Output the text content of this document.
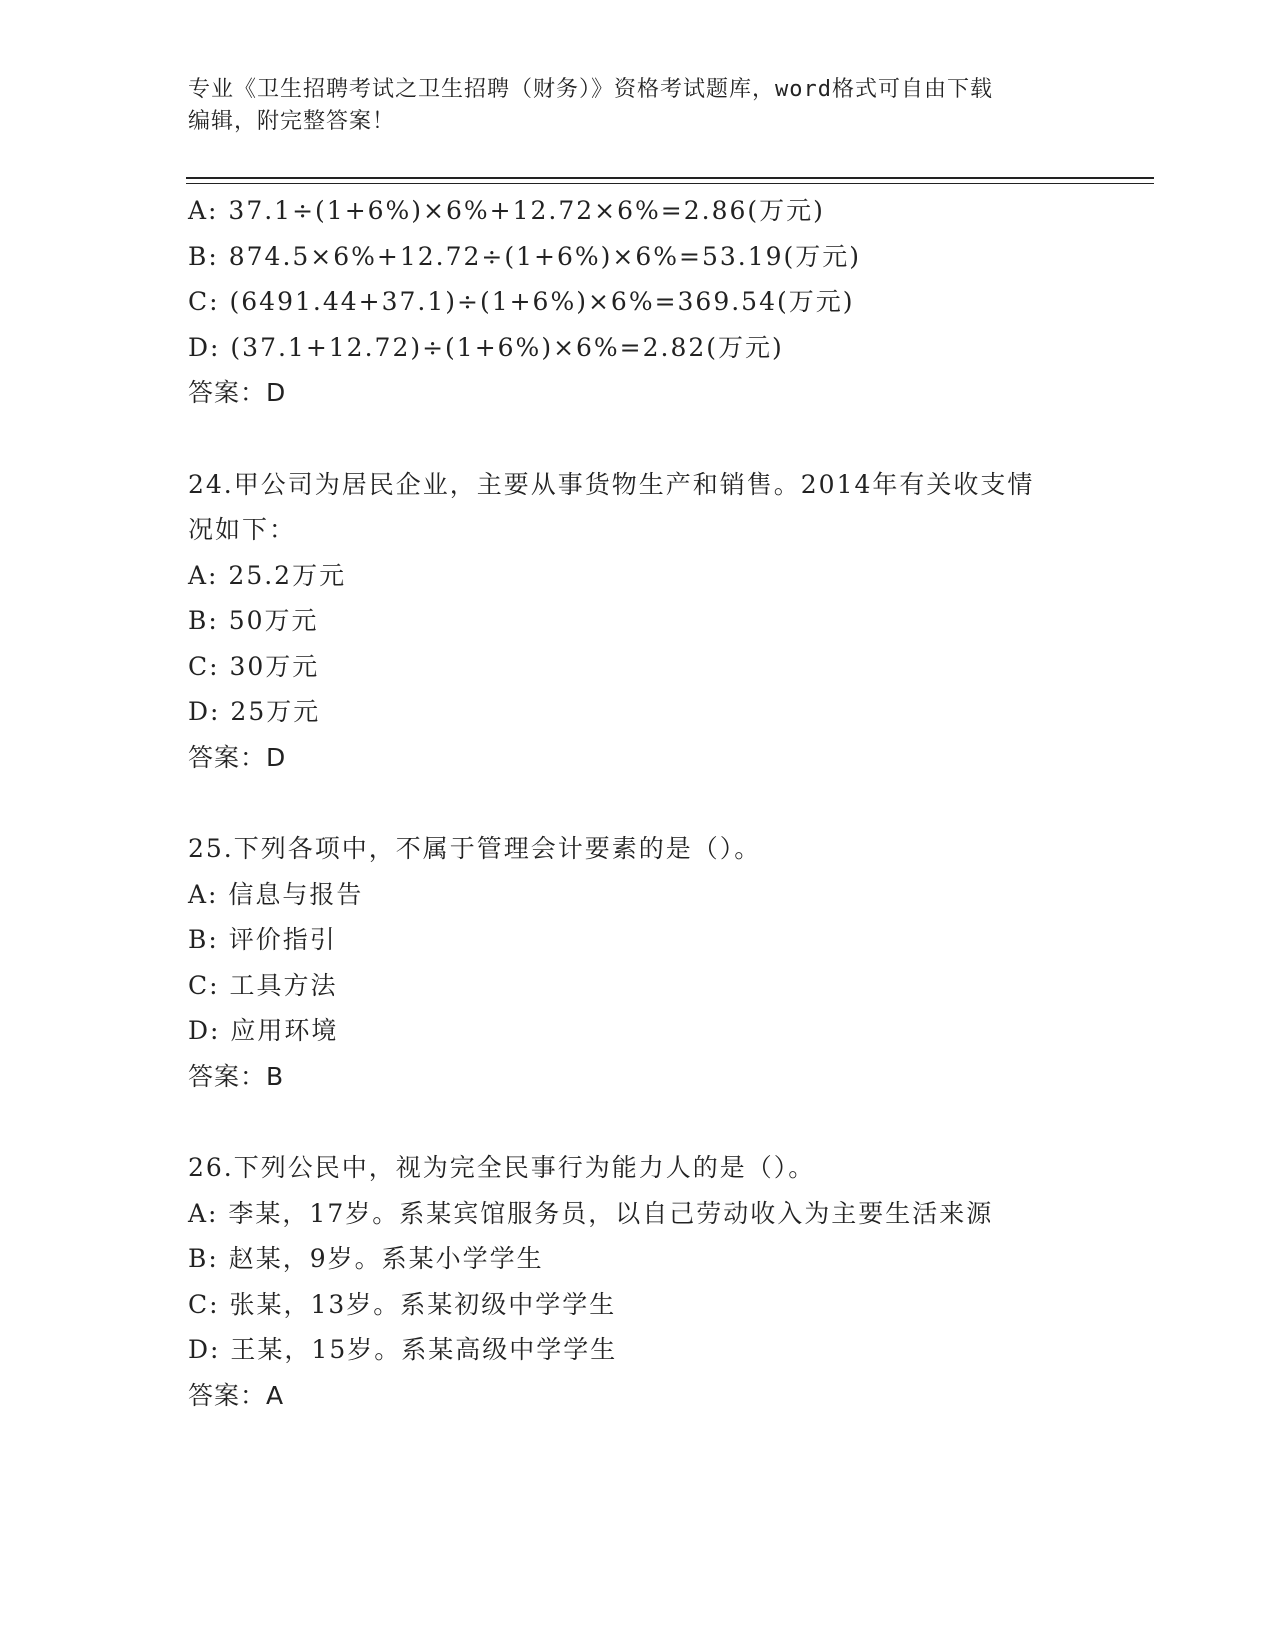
专业《卫生招聘考试之卫生招聘（财务）》资格考试题库，word格式可自由下载
编辑，附完整答案！
A: 37.1÷(1+6%)×6%+12.72×6%=2.86(万元)
B: 874.5×6%+12.72÷(1+6%)×6%=53.19(万元)
C: (6491.44+37.1)÷(1+6%)×6%=369.54(万元)
D: (37.1+12.72)÷(1+6%)×6%=2.82(万元)
答案：D
24.甲公司为居民企业，主要从事货物生产和销售。2014年有关收支情
况如下：
A: 25.2万元
B: 50万元
C: 30万元
D: 25万元
答案：D
25.下列各项中，不属于管理会计要素的是（）。
A: 信息与报告
B: 评价指引
C: 工具方法
D: 应用环境
答案：B
26.下列公民中，视为完全民事行为能力人的是（）。
A: 李某，17岁。系某宾馆服务员，以自己劳动收入为主要生活来源
B: 赵某，9岁。系某小学学生
C: 张某，13岁。系某初级中学学生
D: 王某，15岁。系某高级中学学生
答案：A
